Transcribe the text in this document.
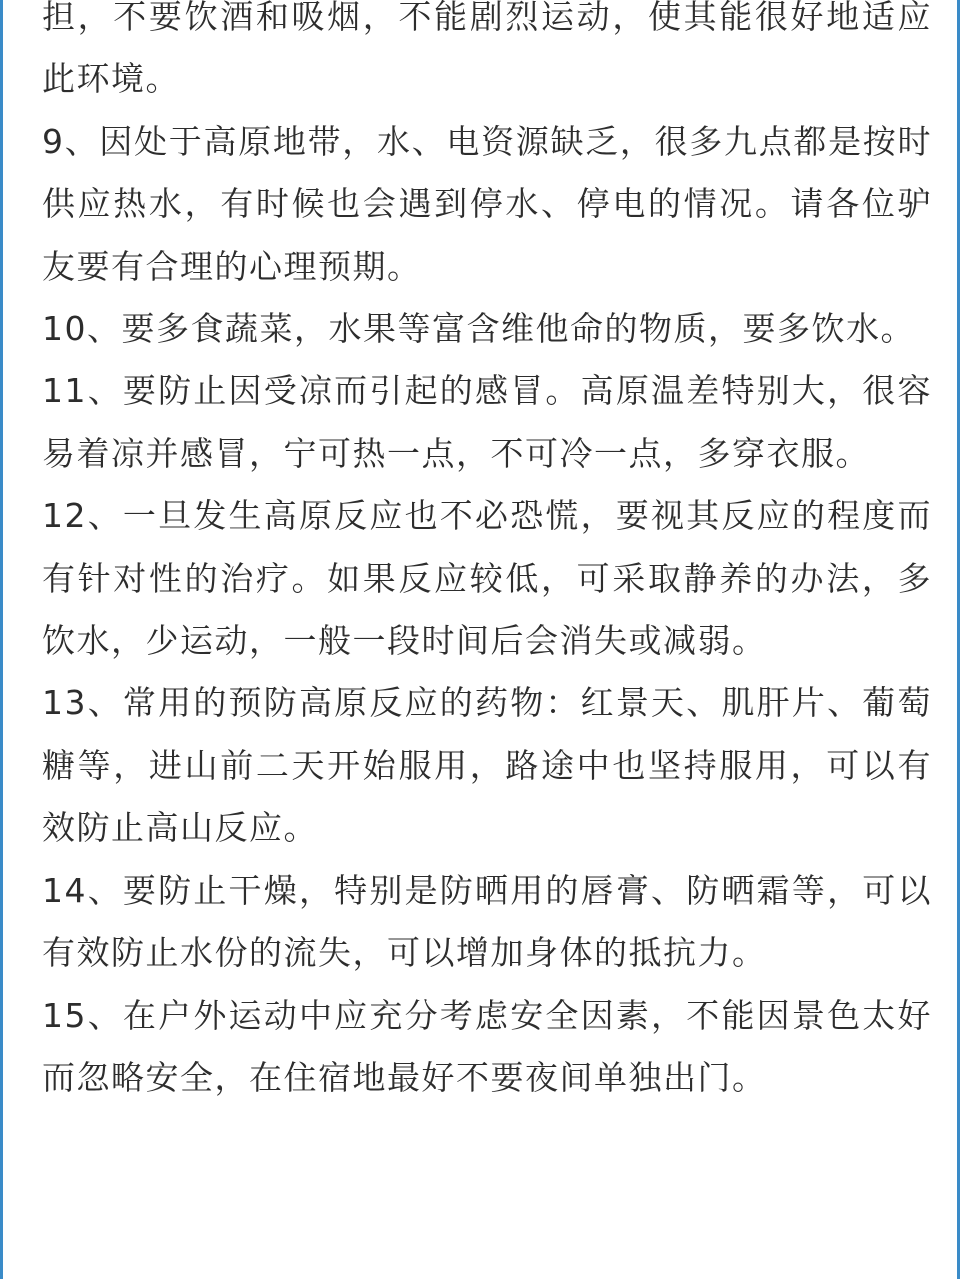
担，不要饮酒和吸烟，不能剧烈运动，使其能很好地适应此环境。

9、因处于高原地带，水、电资源缺乏，很多九点都是按时供应热水，有时候也会遇到停水、停电的情况。请各位驴友要有合理的心理预期。

10、要多食蔬菜，水果等富含维他命的物质，要多饮水。

11、要防止因受凉而引起的感冒。高原温差特别大，很容易着凉并感冒，宁可热一点，不可冷一点，多穿衣服。

12、一旦发生高原反应也不必恐慌，要视其反应的程度而有针对性的治疗。如果反应较低，可采取静养的办法，多饮水，少运动，一般一段时间后会消失或减弱。

13、常用的预防高原反应的药物：红景天、肌肝片、葡萄糖等，进山前二天开始服用，路途中也坚持服用，可以有效防止高山反应。

14、要防止干燥，特别是防晒用的唇膏、防晒霜等，可以有效防止水份的流失，可以增加身体的抵抗力。

15、在户外运动中应充分考虑安全因素，不能因景色太好而忽略安全，在住宿地最好不要夜间单独出门。
